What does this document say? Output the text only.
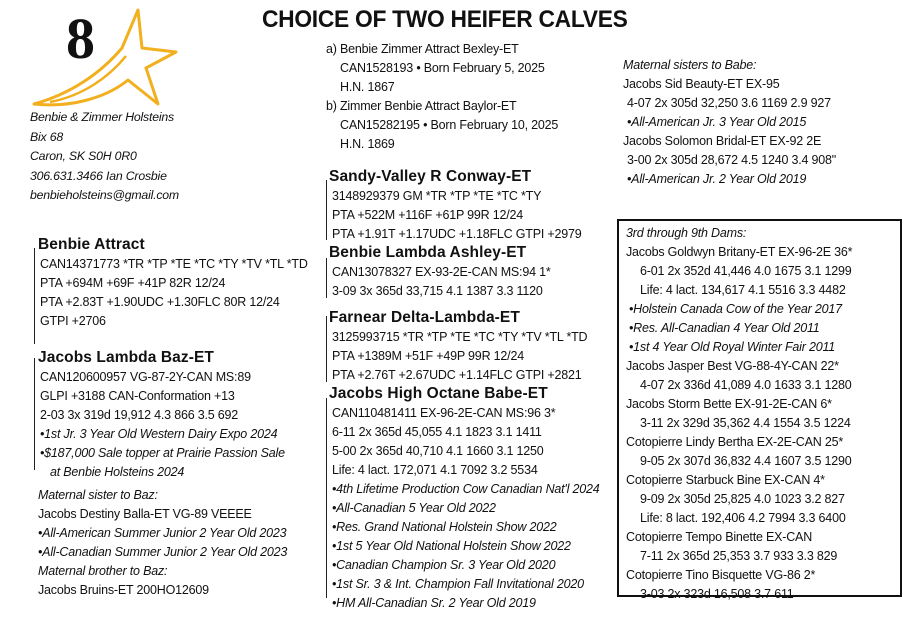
8	CHOICE OF TWO HEIFER CALVES
Benbie & Zimmer Holsteins
Bix 68
Caron, SK S0H 0R0
306.631.3466 Ian Crosbie
benbieholsteins@gmail.com
Benbie Attract
CAN14371773 *TR *TP *TE *TC *TY *TV *TL *TD
PTA +694M +69F +41P 82R 12/24
PTA +2.83T +1.90UDC +1.30FLC 80R 12/24
GTPI +2706
Jacobs Lambda Baz-ET
CAN120600957 VG-87-2Y-CAN MS:89
GLPI +3188 CAN-Conformation +13
2-03 3x 319d 19,912 4.3 866 3.5 692
•1st Jr. 3 Year Old Western Dairy Expo 2024
•$187,000 Sale topper at Prairie Passion Sale
at Benbie Holsteins 2024
Maternal sister to Baz:
Jacobs Destiny Balla-ET VG-89 VEEEE
•All-American Summer Junior 2 Year Old 2023
•All-Canadian Summer Junior 2 Year Old 2023
Maternal brother to Baz:
Jacobs Bruins-ET 200HO12609
a) Benbie Zimmer Attract Bexley-ET
CAN1528193 • Born February 5, 2025
H.N. 1867
b) Zimmer Benbie Attract Baylor-ET
CAN15282195 • Born February 10, 2025
H.N. 1869
Sandy-Valley R Conway-ET
3148929379 GM *TR *TP *TE *TC *TY
PTA +522M +116F +61P 99R 12/24
PTA +1.91T +1.17UDC +1.18FLC GTPI +2979
Benbie Lambda Ashley-ET
CAN13078327 EX-93-2E-CAN MS:94 1*
3-09 3x 365d 33,715 4.1 1387 3.3 1120
Farnear Delta-Lambda-ET
3125993715 *TR *TP *TE *TC *TY *TV *TL *TD
PTA +1389M +51F +49P 99R 12/24
PTA +2.76T +2.67UDC +1.14FLC GTPI +2821
Jacobs High Octane Babe-ET
CAN110481411 EX-96-2E-CAN MS:96 3*
6-11 2x 365d 45,055 4.1 1823 3.1 1411
5-00 2x 365d 40,710 4.1 1660 3.1 1250
Life: 4 lact. 172,071 4.1 7092 3.2 5534
•4th Lifetime Production Cow Canadian Nat'l 2024
•All-Canadian 5 Year Old 2022
•Res. Grand National Holstein Show 2022
•1st 5 Year Old National Holstein Show 2022
•Canadian Champion Sr. 3 Year Old 2020
•1st Sr. 3 & Int. Champion Fall Invitational 2020
•HM All-Canadian Sr. 2 Year Old 2019
Maternal sisters to Babe:
Jacobs Sid Beauty-ET EX-95
4-07 2x 305d 32,250 3.6 1169 2.9 927
•All-American Jr. 3 Year Old 2015
Jacobs Solomon Bridal-ET EX-92 2E
3-00 2x 305d 28,672 4.5 1240 3.4 908"
•All-American Jr. 2 Year Old 2019
3rd through 9th Dams:
Jacobs Goldwyn Britany-ET EX-96-2E 36*
6-01 2x 352d 41,446 4.0 1675 3.1 1299
Life: 4 lact. 134,617 4.1 5516 3.3 4482
•Holstein Canada Cow of the Year 2017
•Res. All-Canadian 4 Year Old 2011
•1st 4 Year Old Royal Winter Fair 2011
Jacobs Jasper Best VG-88-4Y-CAN 22*
4-07 2x 336d 41,089 4.0 1633 3.1 1280
Jacobs Storm Bette EX-91-2E-CAN 6*
3-11 2x 329d 35,362 4.4 1554 3.5 1224
Cotopierre Lindy Bertha EX-2E-CAN 25*
9-05 2x 307d 36,832 4.4 1607 3.5 1290
Cotopierre Starbuck Bine EX-CAN 4*
9-09 2x 305d 25,825 4.0 1023 3.2 827
Life: 8 lact. 192,406 4.2 7994 3.3 6400
Cotopierre Tempo Binette EX-CAN
7-11 2x 365d 25,353 3.7 933 3.3 829
Cotopierre Tino Bisquette VG-86 2*
3-03 2x 323d 16,508 3.7 611
